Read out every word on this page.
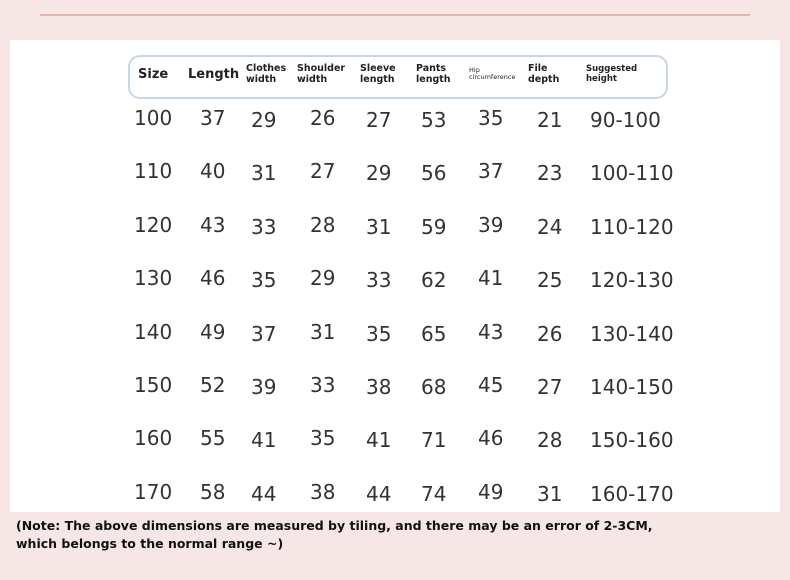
Size Length Clothes width
Shoulder width
Sleeve length
Pants length
Hip circumference
File depth
Suggested height
100 37 29 26 27 53 35 21 90-100
110 40 31 27 29 56 37 23 100-110
120 43 33 28 31 59 39 24 110-120
130 46 35 29 33 62 41 25 120-130
140 49 37 31 35 65 43 26 130-140
150 52 39 33 38 68 45 27 140-150
160 55 41 35 41 71 46 28 150-160
170 58 44 38 44 74 49 31 160-170
(Note: The above dimensions are measured by tiling, and there may be an error of 2-3CM,
which belongs to the normal range ~)
